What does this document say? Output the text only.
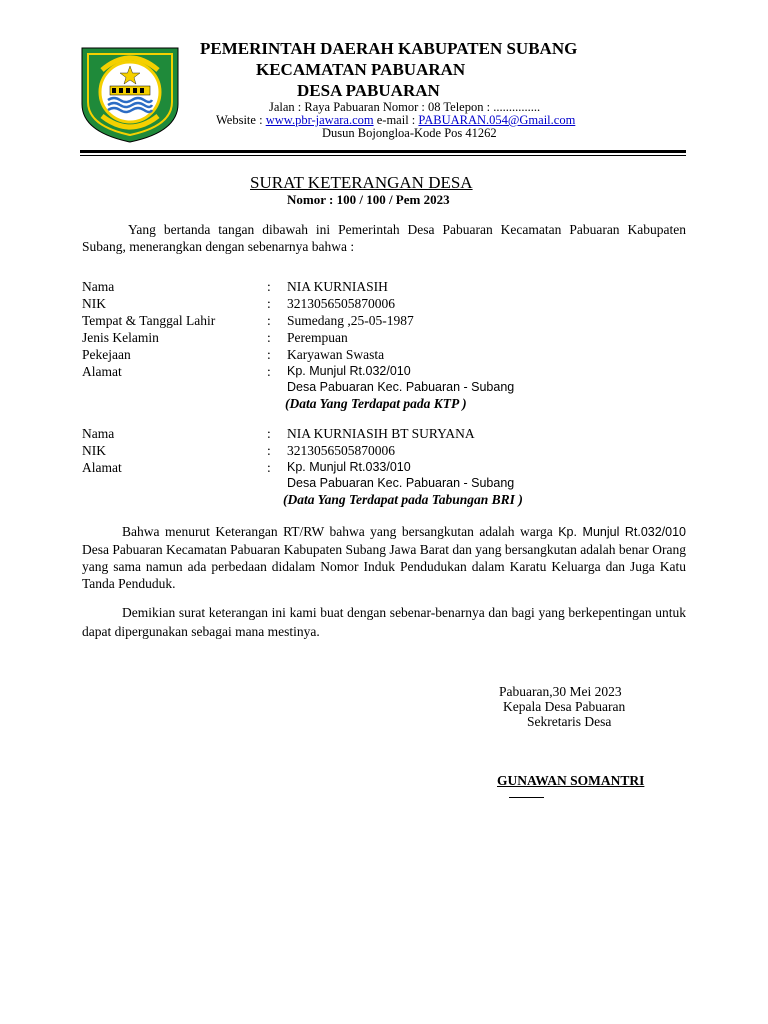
PEMERINTAH DAERAH KABUPATEN SUBANG
KECAMATAN PABUARAN
DESA PABUARAN
Jalan : Raya Pabuaran Nomor : 08 Telepon : ...............
Website : www.pbr-jawara.com e-mail : PABUARAN.054@Gmail.com
Dusun Bojongloa-Kode Pos 41262
SURAT KETERANGAN DESA
Nomor : 100 / 100 / Pem 2023
Yang bertanda tangan dibawah ini Pemerintah Desa Pabuaran Kecamatan Pabuaran Kabupaten Subang, menerangkan dengan sebenarnya bahwa :
Nama	: NIA KURNIASIH
NIK	: 3213056505870006
Tempat & Tanggal Lahir	: Sumedang ,25-05-1987
Jenis Kelamin	: Perempuan
Pekejaan	: Karyawan Swasta
Alamat	: Kp. Munjul Rt.032/010
Desa Pabuaran Kec. Pabuaran - Subang
(Data Yang Terdapat pada KTP )
Nama	: NIA KURNIASIH BT SURYANA
NIK	: 3213056505870006
Alamat	: Kp. Munjul Rt.033/010
Desa Pabuaran Kec. Pabuaran - Subang
(Data Yang Terdapat pada Tabungan BRI )
Bahwa menurut Keterangan RT/RW bahwa yang bersangkutan adalah warga Kp. Munjul Rt.032/010 Desa Pabuaran Kecamatan Pabuaran Kabupaten Subang Jawa Barat dan yang bersangkutan adalah benar Orang yang sama namun ada perbedaan didalam Nomor Induk Pendudukan dalam Karatu Keluarga dan Juga Katu Tanda Penduduk.
Demikian surat keterangan ini kami buat dengan sebenar-benarnya dan bagi yang berkepentingan untuk dapat dipergunakan sebagai mana mestinya.
Pabuaran,30 Mei 2023
Kepala Desa Pabuaran
Sekretaris Desa
GUNAWAN SOMANTRI
